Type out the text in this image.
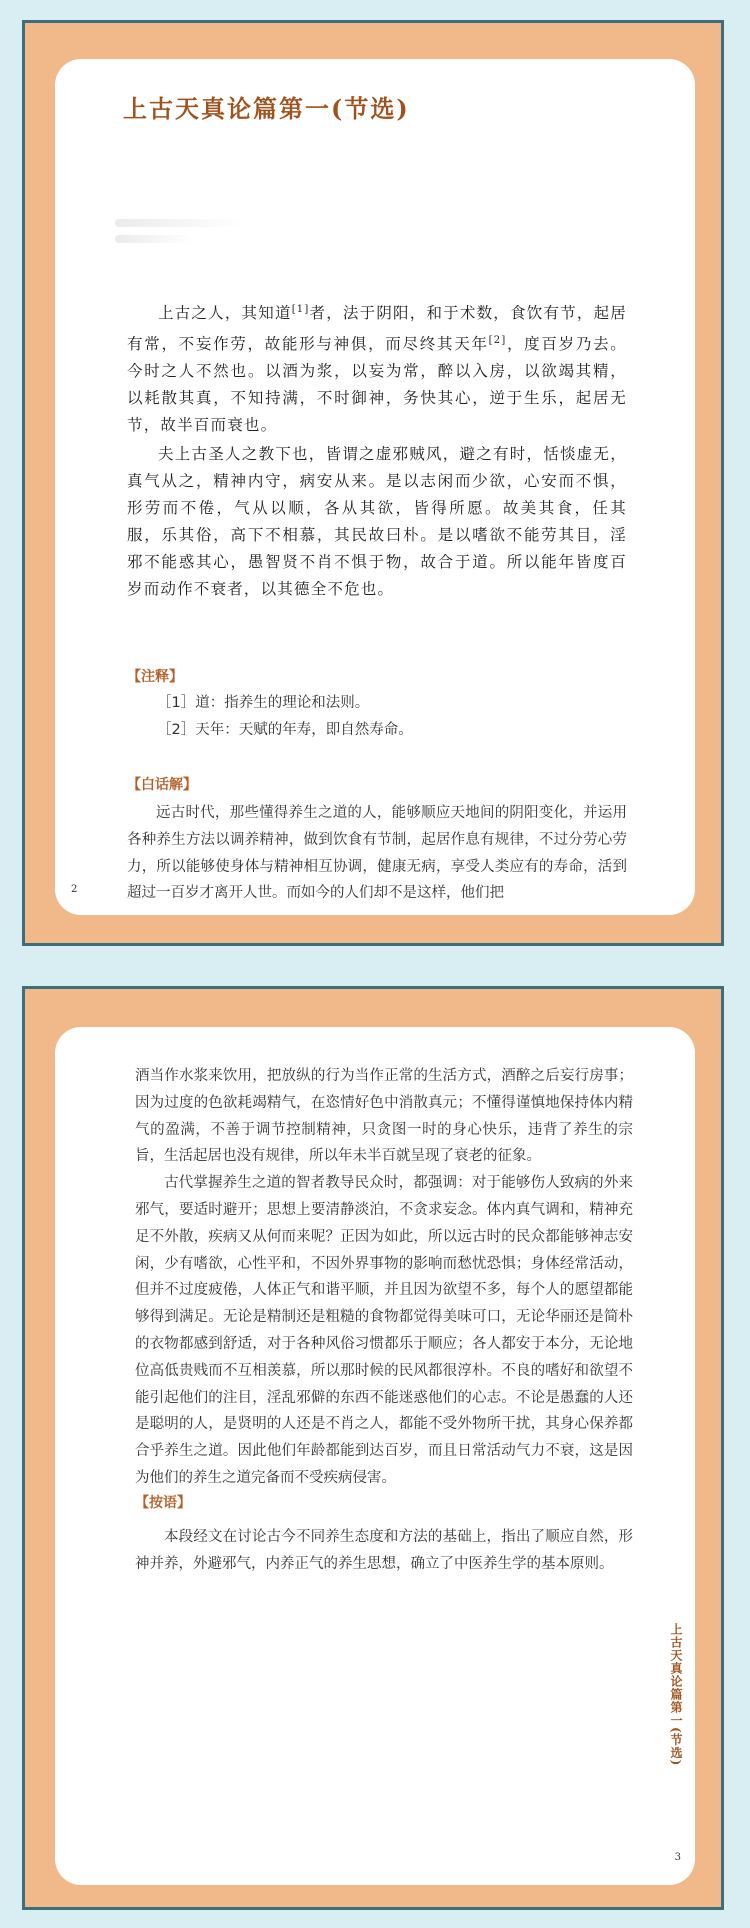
上古天真论篇第一(节选)

上古之人，其知道[1]者，法于阴阳，和于术数，食饮有节，起居有常，不妄作劳，故能形与神俱，而尽终其天年[2]，度百岁乃去。今时之人不然也。以酒为浆，以妄为常，醉以入房，以欲竭其精，以耗散其真，不知持满，不时御神，务快其心，逆于生乐，起居无节，故半百而衰也。

夫上古圣人之教下也，皆谓之虚邪贼风，避之有时，恬惔虚无，真气从之，精神内守，病安从来。是以志闲而少欲，心安而不惧，形劳而不倦，气从以顺，各从其欲，皆得所愿。故美其食，任其服，乐其俗，高下不相慕，其民故曰朴。是以嗜欲不能劳其目，淫邪不能惑其心，愚智贤不肖不惧于物，故合于道。所以能年皆度百岁而动作不衰者，以其德全不危也。

【注释】
［1］道：指养生的理论和法则。
［2］天年：天赋的年寿，即自然寿命。
【白话解】

远古时代，那些懂得养生之道的人，能够顺应天地间的阴阳变化，并运用各种养生方法以调养精神，做到饮食有节制，起居作息有规律，不过分劳心劳力，所以能够使身体与精神相互协调，健康无病，享受人类应有的寿命，活到超过一百岁才离开人世。而如今的人们却不是这样，他们把

2

酒当作水浆来饮用，把放纵的行为当作正常的生活方式，酒醉之后妄行房事；因为过度的色欲耗竭精气，在恣情好色中消散真元；不懂得谨慎地保持体内精气的盈满，不善于调节控制精神，只贪图一时的身心快乐，违背了养生的宗旨，生活起居也没有规律，所以年未半百就呈现了衰老的征象。

古代掌握养生之道的智者教导民众时，都强调：对于能够伤人致病的外来邪气，要适时避开；思想上要清静淡泊，不贪求妄念。体内真气调和，精神充足不外散，疾病又从何而来呢？正因为如此，所以远古时的民众都能够神志安闲，少有嗜欲，心性平和，不因外界事物的影响而愁忧恐惧；身体经常活动，但并不过度疲倦，人体正气和谐平顺，并且因为欲望不多，每个人的愿望都能够得到满足。无论是精制还是粗糙的食物都觉得美味可口，无论华丽还是简朴的衣物都感到舒适，对于各种风俗习惯都乐于顺应；各人都安于本分，无论地位高低贵贱而不互相羡慕，所以那时候的民风都很淳朴。不良的嗜好和欲望不能引起他们的注目，淫乱邪僻的东西不能迷惑他们的心志。不论是愚蠢的人还是聪明的人，是贤明的人还是不肖之人，都能不受外物所干扰，其身心保养都合乎养生之道。因此他们年龄都能到达百岁，而且日常活动气力不衰，这是因为他们的养生之道完备而不受疾病侵害。

【按语】

本段经文在讨论古今不同养生态度和方法的基础上，指出了顺应自然，形神并养，外避邪气，内养正气的养生思想，确立了中医养生学的基本原则。

上古天真论篇第一(节选)
3
